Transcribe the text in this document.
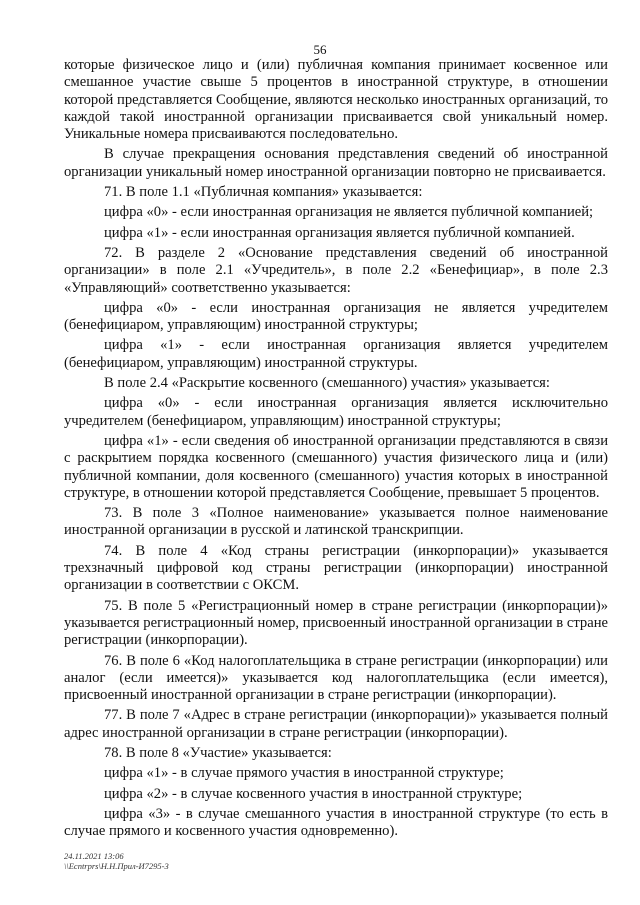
56

которые физическое лицо и (или) публичная компания принимает косвенное или смешанное участие свыше 5 процентов в иностранной структуре, в отношении которой представляется Сообщение, являются несколько иностранных организаций, то каждой такой иностранной организации присваивается свой уникальный номер. Уникальные номера присваиваются последовательно.

В случае прекращения основания представления сведений об иностранной организации уникальный номер иностранной организации повторно не присваивается.

71. В поле 1.1 «Публичная компания» указывается:

цифра «0» - если иностранная организация не является публичной компанией;

цифра «1» - если иностранная организация является публичной компанией.

72. В разделе 2 «Основание представления сведений об иностранной организации» в поле 2.1 «Учредитель», в поле 2.2 «Бенефициар», в поле 2.3 «Управляющий» соответственно указывается:

цифра «0» - если иностранная организация не является учредителем (бенефициаром, управляющим) иностранной структуры;

цифра «1» - если иностранная организация является учредителем (бенефициаром, управляющим) иностранной структуры.

В поле 2.4 «Раскрытие косвенного (смешанного) участия» указывается:

цифра «0» - если иностранная организация является исключительно учредителем (бенефициаром, управляющим) иностранной структуры;

цифра «1» - если сведения об иностранной организации представляются в связи с раскрытием порядка косвенного (смешанного) участия физического лица и (или) публичной компании, доля косвенного (смешанного) участия которых в иностранной структуре, в отношении которой представляется Сообщение, превышает 5 процентов.

73. В поле 3 «Полное наименование» указывается полное наименование иностранной организации в русской и латинской транскрипции.

74. В поле 4 «Код страны регистрации (инкорпорации)» указывается трехзначный цифровой код страны регистрации (инкорпорации) иностранной организации в соответствии с ОКСМ.

75. В поле 5 «Регистрационный номер в стране регистрации (инкорпорации)» указывается регистрационный номер, присвоенный иностранной организации в стране регистрации (инкорпорации).

76. В поле 6 «Код налогоплательщика в стране регистрации (инкорпорации) или аналог (если имеется)» указывается код налогоплательщика (если имеется), присвоенный иностранной организации в стране регистрации (инкорпорации).

77. В поле 7 «Адрес в стране регистрации (инкорпорации)» указывается полный адрес иностранной организации в стране регистрации (инкорпорации).

78. В поле 8 «Участие» указывается:

цифра «1» - в случае прямого участия в иностранной структуре;

цифра «2» - в случае косвенного участия в иностранной структуре;

цифра «3» - в случае смешанного участия в иностранной структуре (то есть в случае прямого и косвенного участия одновременно).

24.11.2021 13:06
\\Ecntrprs\Н.Н.Прил-И7295-3
